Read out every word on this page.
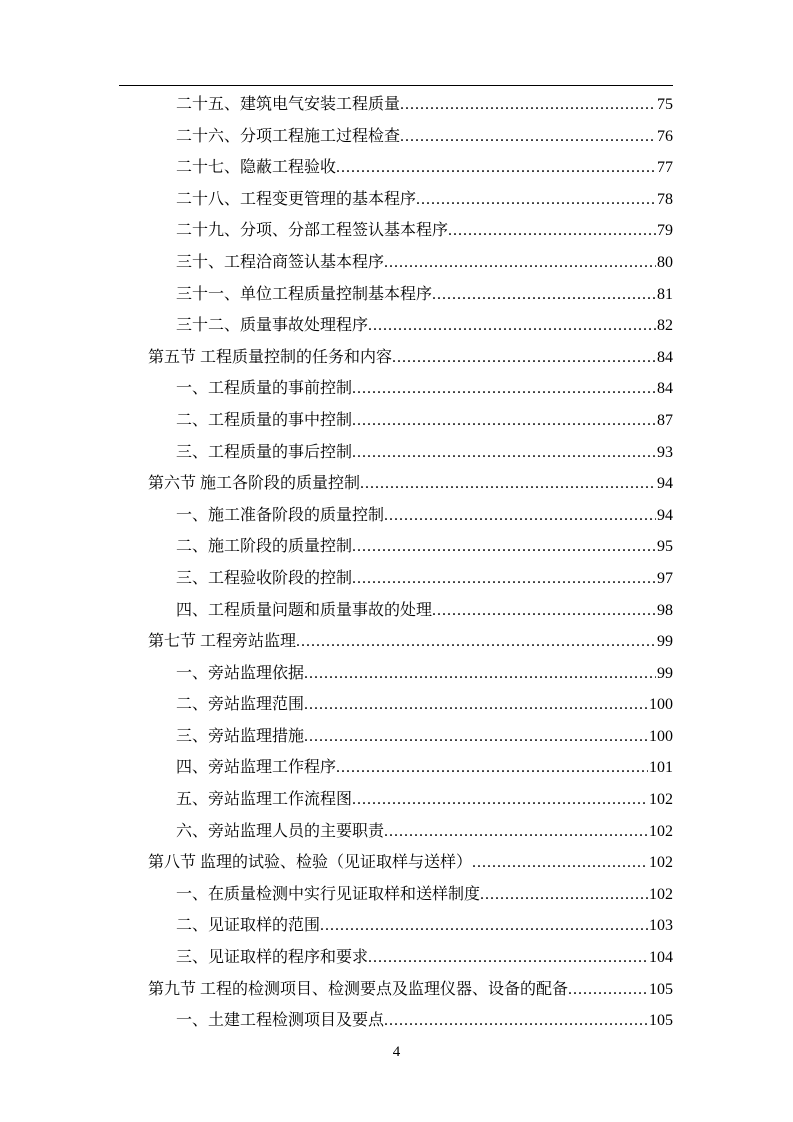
二十五、建筑电气安装工程质量 .....	75
二十六、分项工程施工过程检查 .....	76
二十七、隐蔽工程验收 .....	77
二十八、工程变更管理的基本程序 .....	78
二十九、分项、分部工程签认基本程序 .....	79
三十、工程洽商签认基本程序 .....	80
三十一、单位工程质量控制基本程序 .....	81
三十二、质量事故处理程序 .....	82
第五节 工程质量控制的任务和内容 .....	84
一、工程质量的事前控制 .....	84
二、工程质量的事中控制 .....	87
三、工程质量的事后控制 .....	93
第六节 施工各阶段的质量控制 .....	94
一、施工准备阶段的质量控制 .....	94
二、施工阶段的质量控制 .....	95
三、工程验收阶段的控制 .....	97
四、工程质量问题和质量事故的处理 .....	98
第七节 工程旁站监理 .....	99
一、旁站监理依据 .....	99
二、旁站监理范围 .....	100
三、旁站监理措施 .....	100
四、旁站监理工作程序 .....	101
五、旁站监理工作流程图 .....	102
六、旁站监理人员的主要职责 .....	102
第八节 监理的试验、检验（见证取样与送样） .....	102
一、在质量检测中实行见证取样和送样制度 .....	102
二、见证取样的范围 .....	103
三、见证取样的程序和要求 .....	104
第九节 工程的检测项目、检测要点及监理仪器、设备的配备 .....	105
一、土建工程检测项目及要点 .....	105
4
